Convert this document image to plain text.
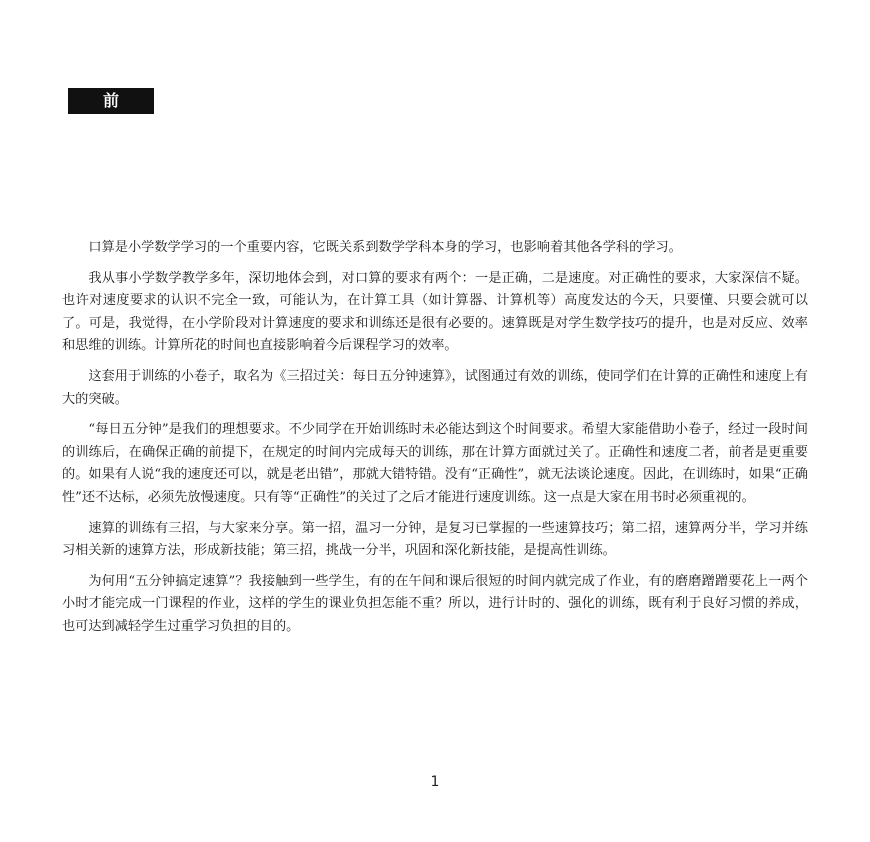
前 言

口算是小学数学学习的一个重要内容，它既关系到数学学科本身的学习，也影响着其他各学科的学习。

我从事小学数学教学多年，深切地体会到，对口算的要求有两个：一是正确，二是速度。对正确性的要求，大家深信不疑。也许对速度要求的认识不完全一致，可能认为，在计算工具（如计算器、计算机等）高度发达的今天，只要懂、只要会就可以了。可是，我觉得，在小学阶段对计算速度的要求和训练还是很有必要的。速算既是对学生数学技巧的提升，也是对反应、效率和思维的训练。计算所花的时间也直接影响着今后课程学习的效率。

这套用于训练的小卷子，取名为《三招过关：每日五分钟速算》，试图通过有效的训练，使同学们在计算的正确性和速度上有大的突破。

“每日五分钟”是我们的理想要求。不少同学在开始训练时未必能达到这个时间要求。希望大家能借助小卷子，经过一段时间的训练后，在确保正确的前提下，在规定的时间内完成每天的训练，那在计算方面就过关了。正确性和速度二者，前者是更重要的。如果有人说“我的速度还可以，就是老出错”，那就大错特错。没有“正确性”，就无法谈论速度。因此，在训练时，如果“正确性”还不达标，必须先放慢速度。只有等“正确性”的关过了之后才能进行速度训练。这一点是大家在用书时必须重视的。

速算的训练有三招，与大家来分享。第一招，温习一分钟，是复习已掌握的一些速算技巧；第二招，速算两分半，学习并练习相关新的速算方法，形成新技能；第三招，挑战一分半，巩固和深化新技能，是提高性训练。

为何用“五分钟搞定速算”？我接触到一些学生，有的在午间和课后很短的时间内就完成了作业，有的磨磨蹭蹭要花上一两个小时才能完成一门课程的作业，这样的学生的课业负担怎能不重？所以，进行计时的、强化的训练，既有利于良好习惯的养成，也可达到减轻学生过重学习负担的目的。

1
